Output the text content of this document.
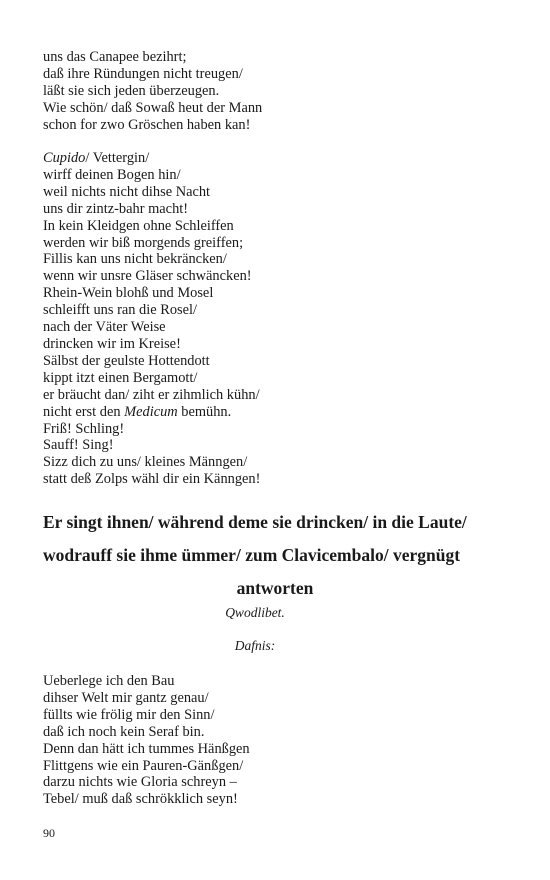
uns das Canapee bezihrt;
daß ihre Ründungen nicht treugen/
läßt sie sich jeden überzeugen.
Wie schön/ daß Sowaß heut der Mann
schon for zwo Gröschen haben kan!
Cupido/ Vettergin/
wirff deinen Bogen hin/
weil nichts nicht dihse Nacht
uns dir zintz-bahr macht!
In kein Kleidgen ohne Schleiffen
werden wir biß morgends greiffen;
Fillis kan uns nicht bekräncken/
wenn wir unsre Gläser schwäncken!
Rhein-Wein blohß und Mosel
schleifft uns ran die Rosel/
nach der Väter Weise
drincken wir im Kreise!
Sälbst der geulste Hottendott
kippt itzt einen Bergamott/
er bräucht dan/ ziht er zihmlich kühn/
nicht erst den Medicum bemühn.
Friß! Schling!
Sauff! Sing!
Sizz dich zu uns/ kleines Männgen/
statt deß Zolps wähl dir ein Känngen!
Er singt ihnen/ während deme sie drincken/ in die Laute/
wodrauff sie ihme ümmer/ zum Clavicembalo/ vergnügt
antworten
Qwodlibet.
Dafnis:
Ueberlege ich den Bau
dihser Welt mir gantz genau/
füllts wie frölig mir den Sinn/
daß ich noch kein Seraf bin.
Denn dan hätt ich tummes Hänßgen
Flittgens wie ein Pauren-Gänßgen/
darzu nichts wie Gloria schreyn –
Tebel/ muß daß schrökklich seyn!
90
